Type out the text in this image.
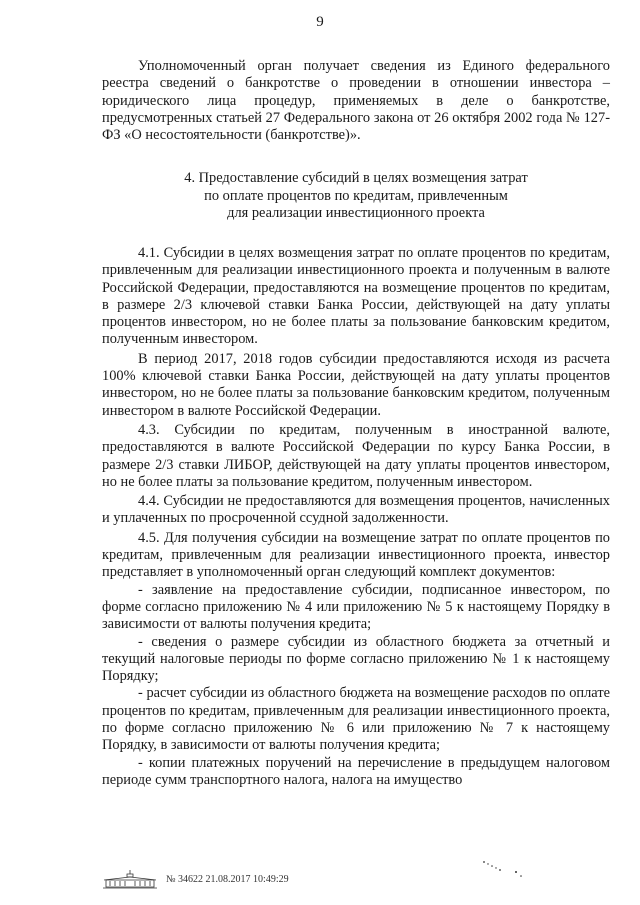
9

Уполномоченный орган получает сведения из Единого федерального реестра сведений о банкротстве о проведении в отношении инвестора – юридического лица процедур, применяемых в деле о банкротстве, предусмотренных статьей 27 Федерального закона от 26 октября 2002 года № 127-ФЗ «О несостоятельности (банкротстве)».

4. Предоставление субсидий в целях возмещения затрат
по оплате процентов по кредитам, привлеченным
для реализации инвестиционного проекта

4.1. Субсидии в целях возмещения затрат по оплате процентов по кредитам, привлеченным для реализации инвестиционного проекта и полученным в валюте Российской Федерации, предоставляются на возмещение процентов по кредитам, в размере 2/3 ключевой ставки Банка России, действующей на дату уплаты процентов инвестором, но не более платы за пользование банковским кредитом, полученным инвестором.

В период 2017, 2018 годов субсидии предоставляются исходя из расчета 100% ключевой ставки Банка России, действующей на дату уплаты процентов инвестором, но не более платы за пользование банковским кредитом, полученным инвестором в валюте Российской Федерации.

4.3. Субсидии по кредитам, полученным в иностранной валюте, предоставляются в валюте Российской Федерации по курсу Банка России, в размере 2/3 ставки ЛИБОР, действующей на дату уплаты процентов инвестором, но не более платы за пользование кредитом, полученным инвестором.

4.4. Субсидии не предоставляются для возмещения процентов, начисленных и уплаченных по просроченной ссудной задолженности.

4.5. Для получения субсидии на возмещение затрат по оплате процентов по кредитам, привлеченным для реализации инвестиционного проекта, инвестор представляет в уполномоченный орган следующий комплект документов:

- заявление на предоставление субсидии, подписанное инвестором, по форме согласно приложению № 4 или приложению № 5 к настоящему Порядку в зависимости от валюты получения кредита;

- сведения о размере субсидии из областного бюджета за отчетный и текущий налоговые периоды по форме согласно приложению № 1 к настоящему Порядку;

- расчет субсидии из областного бюджета на возмещение расходов по оплате процентов по кредитам, привлеченным для реализации инвестиционного проекта, по форме согласно приложению № 6 или приложению № 7 к настоящему Порядку, в зависимости от валюты получения кредита;

- копии платежных поручений на перечисление в предыдущем налоговом периоде сумм транспортного налога, налога на имущество

№ 34622 21.08.2017 10:49:29
